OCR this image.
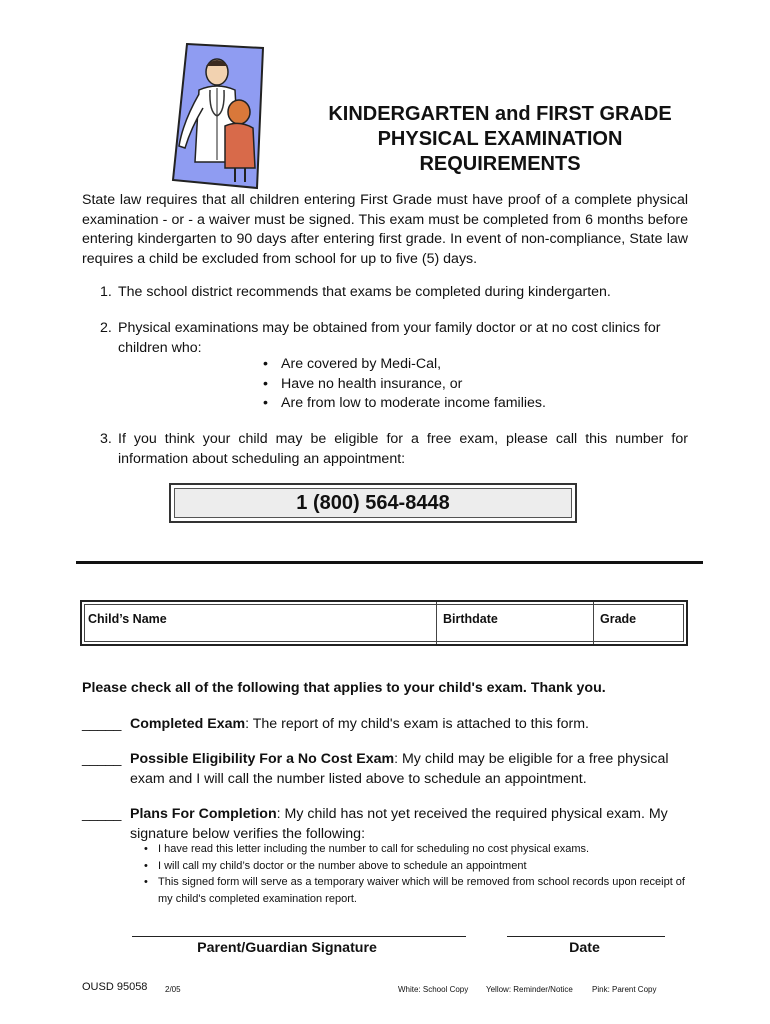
KINDERGARTEN and FIRST GRADE
PHYSICAL EXAMINATION
REQUIREMENTS
State law requires that all children entering First Grade must have proof of a complete physical examination - or - a waiver must be signed. This exam must be completed from 6 months before entering kindergarten to 90 days after entering first grade. In event of non-compliance, State law requires a child be excluded from school for up to five (5) days.
1. The school district recommends that exams be completed during kindergarten.
2. Physical examinations may be obtained from your family doctor or at no cost clinics for children who:
• Are covered by Medi-Cal,
• Have no health insurance, or
• Are from low to moderate income families.
3. If you think your child may be eligible for a free exam, please call this number for information about scheduling an appointment:
1 (800) 564-8448
Child’s Name	Birthdate	Grade
Please check all of the following that applies to your child's exam. Thank you.
_____ Completed Exam: The report of my child's exam is attached to this form.
_____ Possible Eligibility For a No Cost Exam: My child may be eligible for a free physical exam and I will call the number listed above to schedule an appointment.
_____ Plans For Completion: My child has not yet received the required physical exam. My signature below verifies the following:
• I have read this letter including the number to call for scheduling no cost physical exams.
• I will call my child’s doctor or the number above to schedule an appointment
• This signed form will serve as a temporary waiver which will be removed from school records upon receipt of my child's completed examination report.
Parent/Guardian Signature	Date
OUSD 95058 2/05	White: School Copy Yellow: Reminder/Notice Pink: Parent Copy
